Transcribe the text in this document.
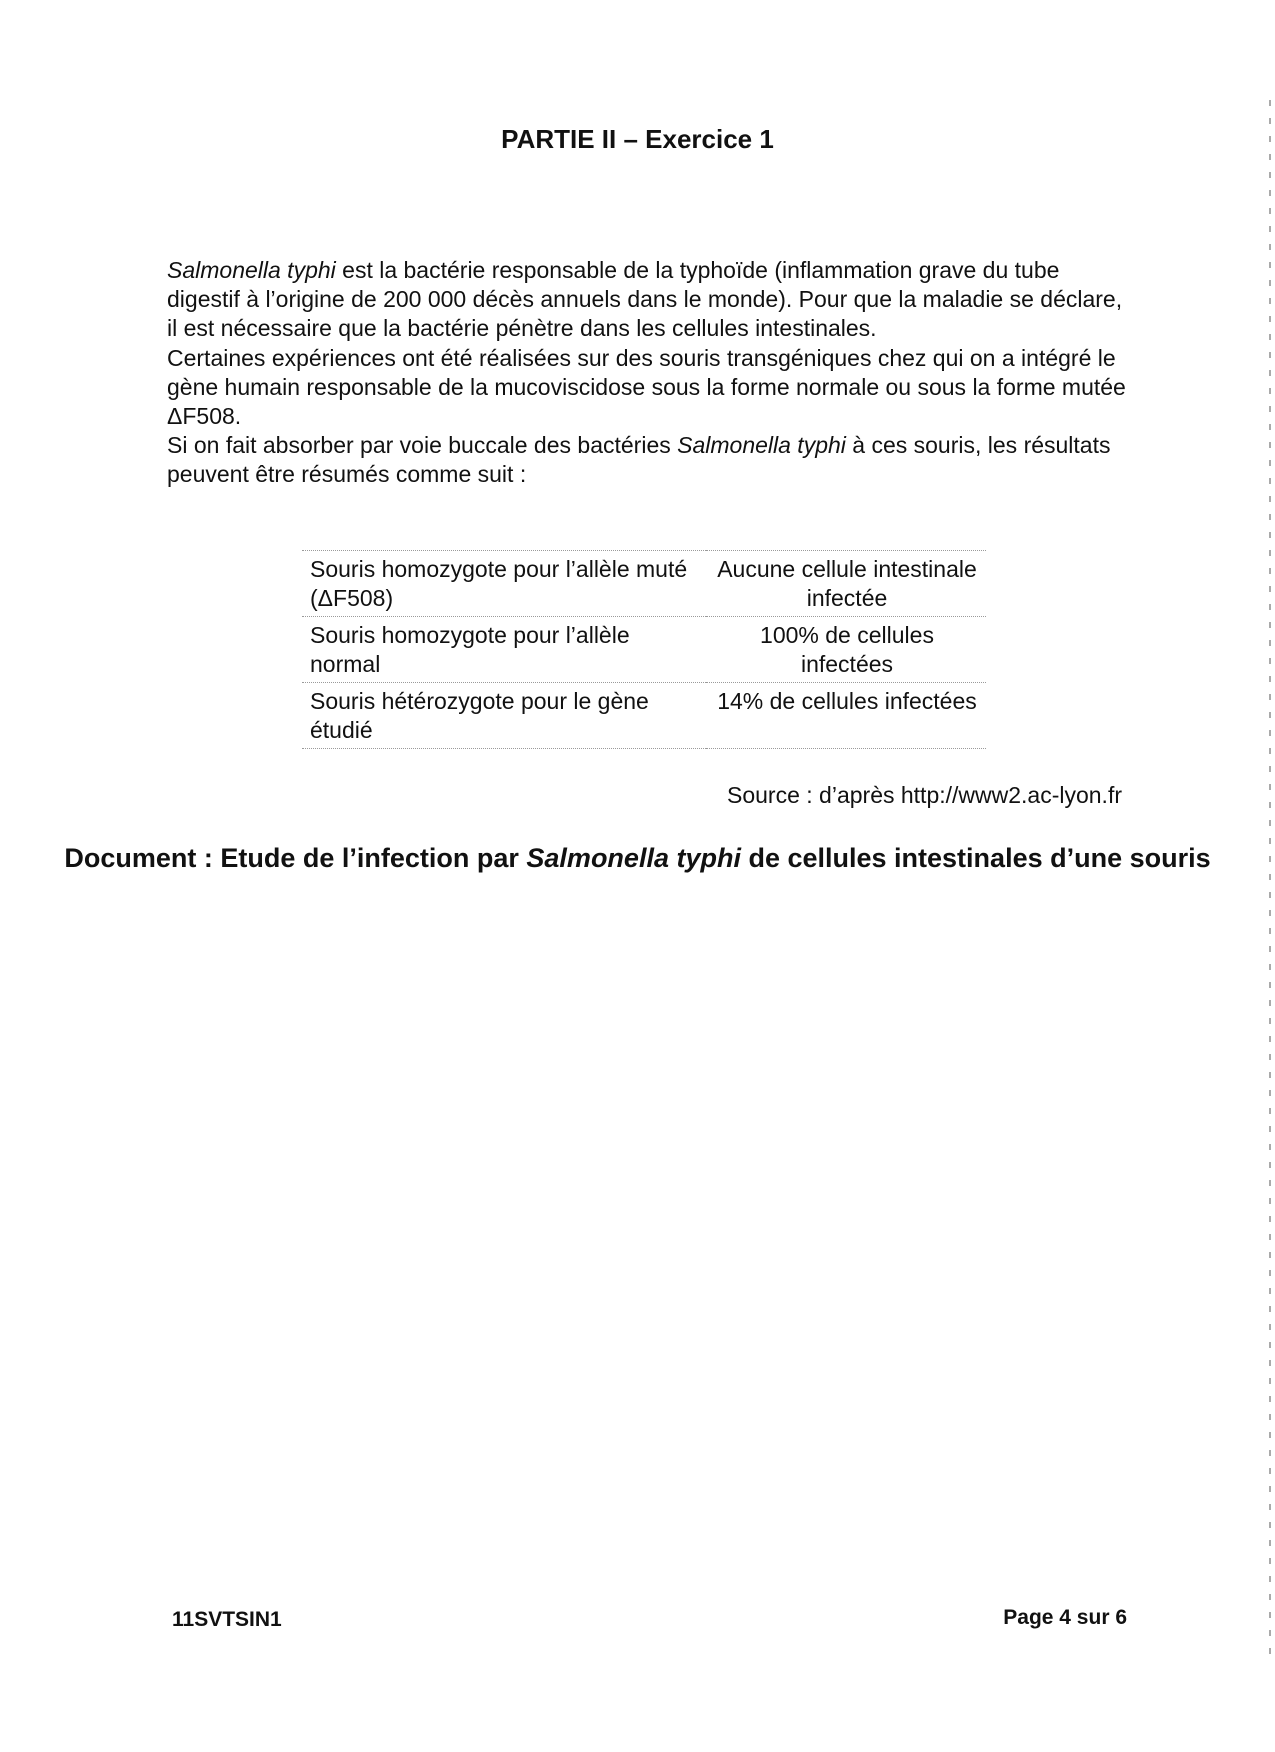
PARTIE II – Exercice 1

Salmonella typhi est la bactérie responsable de la typhoïde (inflammation grave du tube digestif à l’origine de 200 000 décès annuels dans le monde). Pour que la maladie se déclare, il est nécessaire que la bactérie pénètre dans les cellules intestinales.

Certaines expériences ont été réalisées sur des souris transgéniques chez qui on a intégré le gène humain responsable de la mucoviscidose sous la forme normale ou sous la forme mutée ΔF508.

Si on fait absorber par voie buccale des bactéries Salmonella typhi à ces souris, les résultats peuvent être résumés comme suit :

Souris homozygote pour l’allèle muté (ΔF508)	Aucune cellule intestinale infectée
Souris homozygote pour l’allèle normal	100% de cellules infectées
Souris hétérozygote pour le gène étudié	14% de cellules infectées
Source : d’après http://www2.ac-lyon.fr
Document : Etude de l’infection par Salmonella typhi de cellules intestinales d’une souris
11SVTSIN1	Page 4 sur 6
